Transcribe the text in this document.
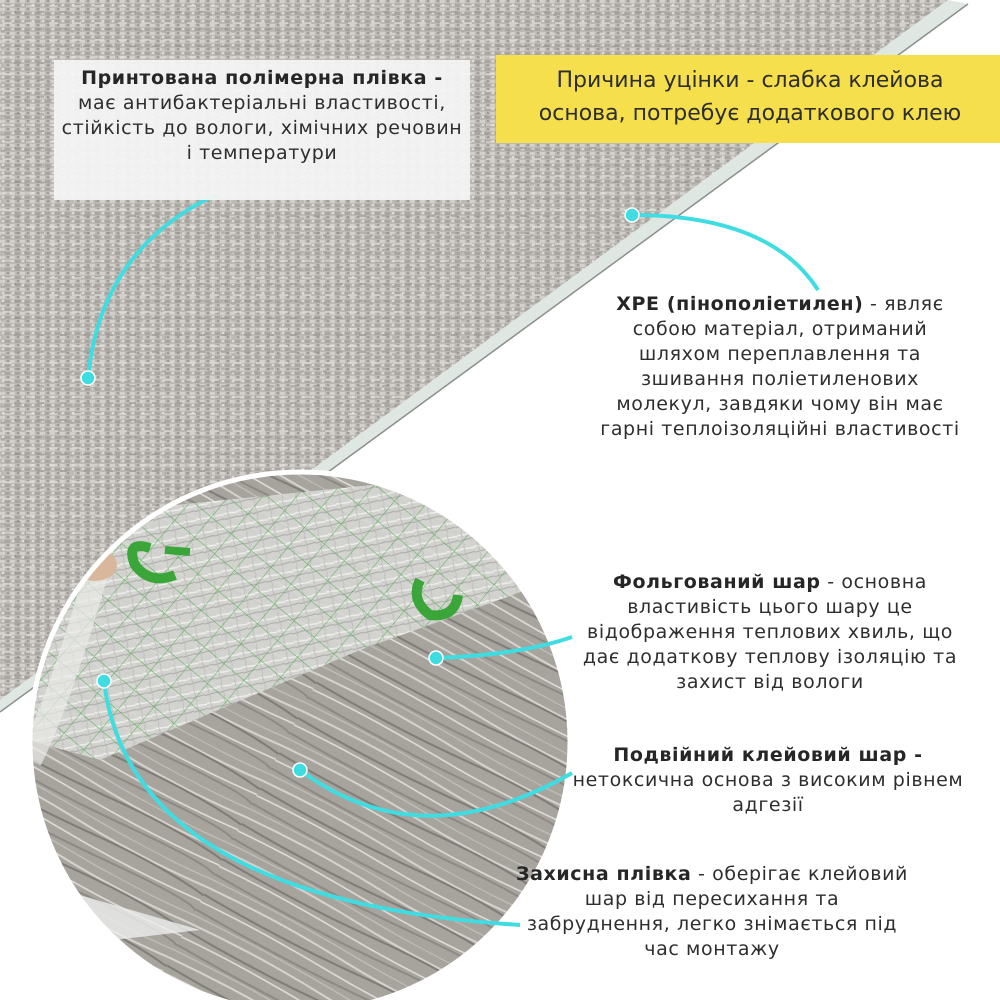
Принтована полімерна плівка - має антибактеріальні властивості, стійкість до вологи, хімічних речовин і температури
Причина уцінки - слабка клейова основа, потребує додаткового клею
XPE (пінополіетилен) - являє собою матеріал, отриманий шляхом переплавлення та зшивання поліетиленових молекул, завдяки чому він має гарні теплоізоляційні властивості
Фольгований шар - основна властивість цього шару це відображення теплових хвиль, що дає додаткову теплову ізоляцію та захист від вологи
Подвійний клейовий шар - нетоксична основа з високим рівнем адгезії
Захисна плівка - оберігає клейовий шар від пересихання та забруднення, легко знімається під час монтажу
